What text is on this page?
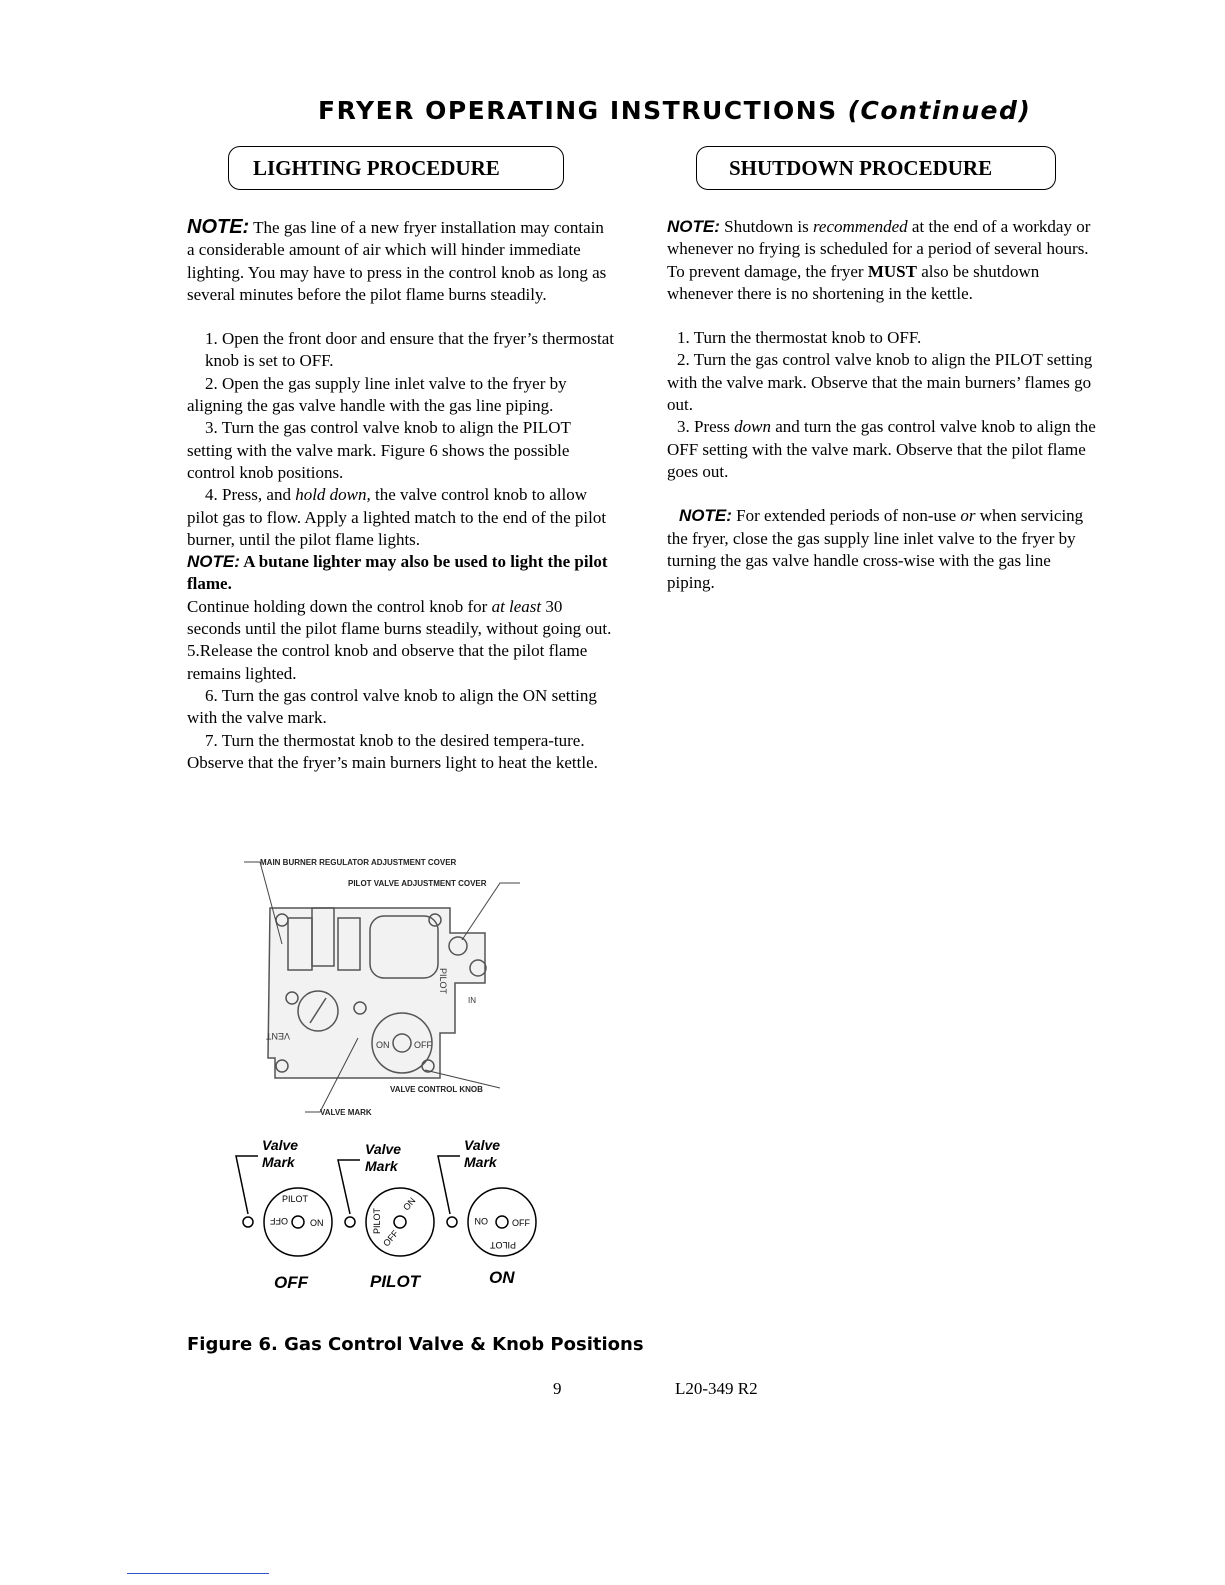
FRYER OPERATING INSTRUCTIONS (Continued)
LIGHTING PROCEDURE	SHUTDOWN PROCEDURE

NOTE: The gas line of a new fryer installation may contain a considerable amount of air which will hinder immediate lighting. You may have to press in the control knob as long as several minutes before the pilot flame burns steadily.

1. Open the front door and ensure that the fryer’s thermostat knob is set to OFF.

2. Open the gas supply line inlet valve to the fryer by aligning the gas valve handle with the gas line piping.

3. Turn the gas control valve knob to align the PILOT setting with the valve mark. Figure 6 shows the possible control knob positions.

4. Press, and hold down, the valve control knob to allow pilot gas to flow. Apply a lighted match to the end of the pilot burner, until the pilot flame lights.

NOTE: A butane lighter may also be used to light the pilot flame.

Continue holding down the control knob for at least 30 seconds until the pilot flame burns steadily, without going out.

5.Release the control knob and observe that the pilot flame remains lighted.

6. Turn the gas control valve knob to align the ON setting with the valve mark.

7. Turn the thermostat knob to the desired tempera-ture. Observe that the fryer’s main burners light to heat the kettle.

NOTE: Shutdown is recommended at the end of a workday or whenever no frying is scheduled for a period of several hours. To prevent damage, the fryer MUST also be shutdown whenever there is no shortening in the kettle.

1. Turn the thermostat knob to OFF.

2. Turn the gas control valve knob to align the PILOT setting with the valve mark. Observe that the main burners’ flames go out.

3. Press down and turn the gas control valve knob to align the OFF setting with the valve mark. Observe that the pilot flame goes out.

NOTE: For extended periods of non-use or when servicing the fryer, close the gas supply line inlet valve to the fryer by turning the gas valve handle cross-wise with the gas line piping.

MAIN BURNER REGULATOR ADJUSTMENT COVER
PILOT VALVE ADJUSTMENT COVER
VALVE CONTROL KNOB
VALVE MARK
PILOT
VENT
IN
ON	OFF
Valve
Mark
Valve
Mark
Valve
Mark
ON
OFF
PILOT	ON
OFF
PILOT	ON	OFF
PILOT
OFF	PILOT	ON
Figure 6. Gas Control Valve & Knob Positions
9	L20-349 R2
